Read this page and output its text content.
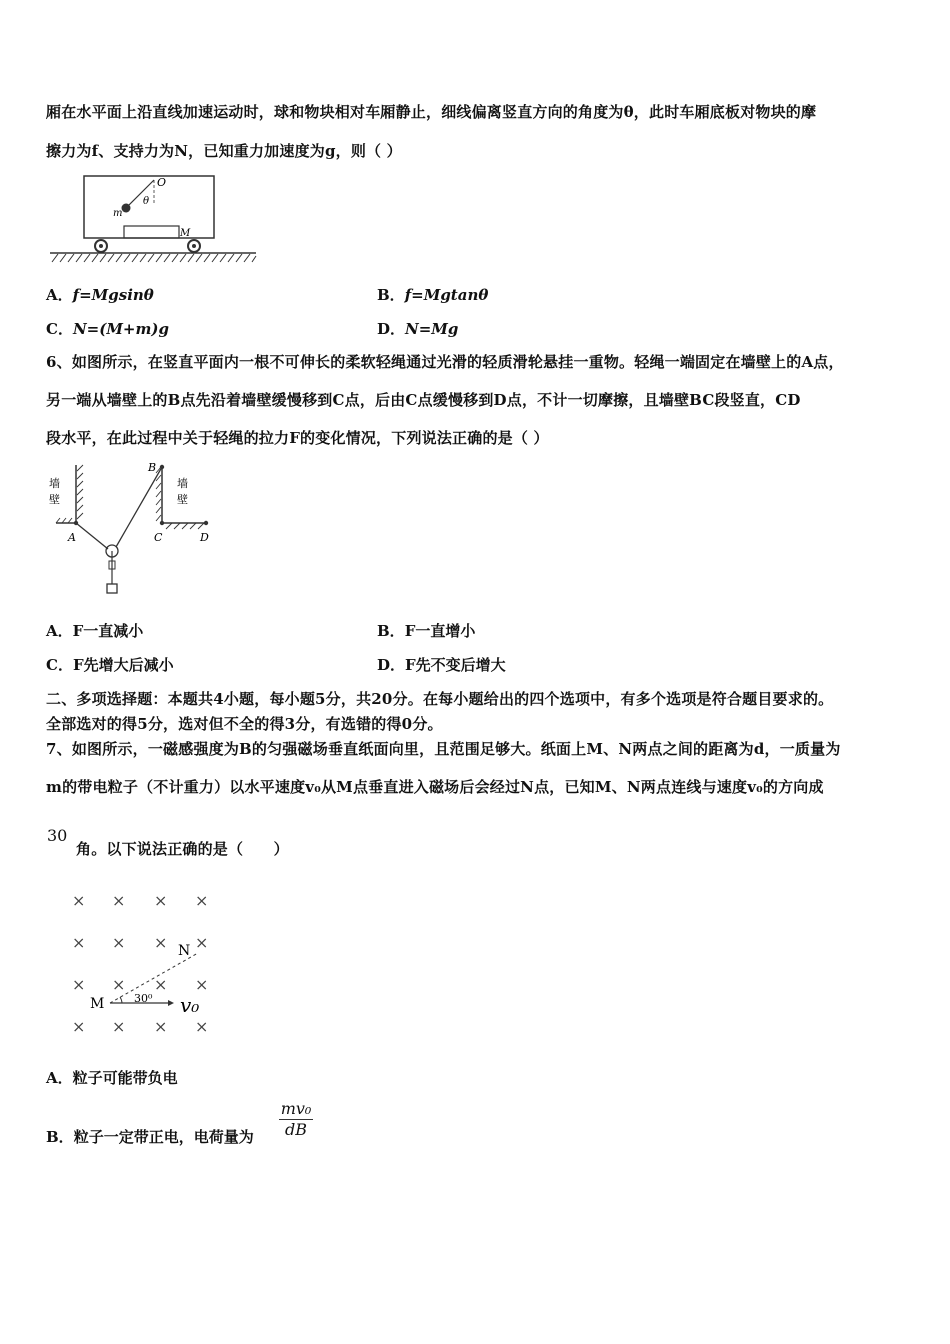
厢在水平面上沿直线加速运动时，球和物块相对车厢静止，细线偏离竖直方向的角度为θ，此时车厢底板对物块的摩
擦力为f、支持力为N，已知重力加速度为g，则（ ）
O
θ
m
M
A．f=Mgsinθ	B．f=Mgtanθ
C．N=(M+m)g	D．N=Mg
6、如图所示，在竖直平面内一根不可伸长的柔软轻绳通过光滑的轻质滑轮悬挂一重物。轻绳一端固定在墙壁上的A点，
另一端从墙壁上的B点先沿着墙壁缓慢移到C点，后由C点缓慢移到D点，不计一切摩擦，且墙壁BC段竖直，CD
段水平，在此过程中关于轻绳的拉力F的变化情况，下列说法正确的是（ ）
墙
壁
墙
壁
A
B
C	D
A．F一直减小	B．F一直增小
C．F先增大后减小	D．F先不变后增大
二、多项选择题：本题共4小题，每小题5分，共20分。在每小题给出的四个选项中，有多个选项是符合题目要求的。
全部选对的得5分，选对但不全的得3分，有选错的得0分。
7、如图所示，一磁感强度为B的匀强磁场垂直纸面向里，且范围足够大。纸面上M、N两点之间的距离为d，一质量为
m的带电粒子（不计重力）以水平速度v₀从M点垂直进入磁场后会经过N点，已知M、N两点连线与速度v₀的方向成
30
角。以下说法正确的是（　　）
× × × ×
× × × ×
× × × ×
× × × ×
N
M	30⁰ v₀
A．粒子可能带负电
B．粒子一定带正电，电荷量为 $\frac{\text{mv₀}}{dB}$
